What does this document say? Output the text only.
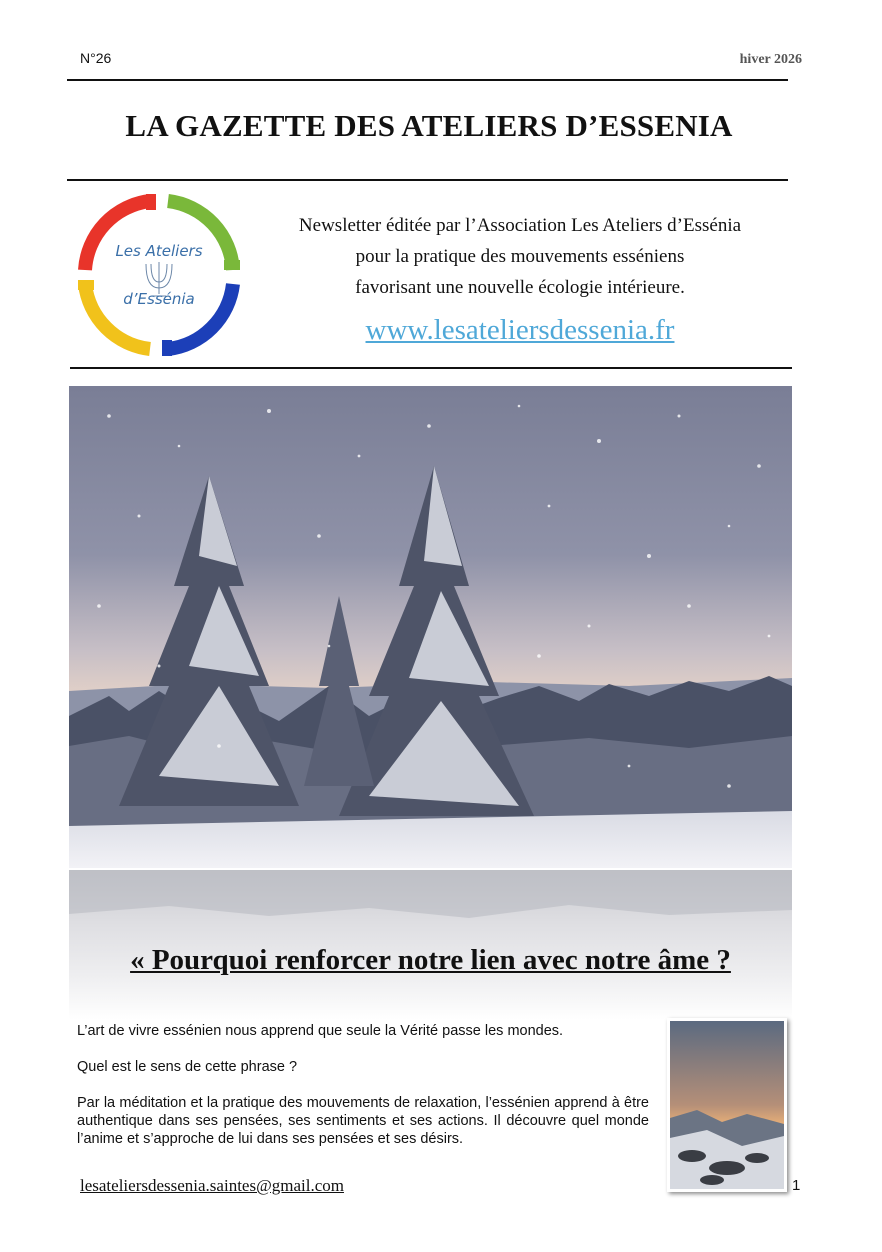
N°26	hiver 2026
LA GAZETTE DES ATELIERS D’ESSENIA
Les Ateliers
d’Essénia
Newsletter éditée par l’Association Les Ateliers d’Essénia
pour la pratique des mouvements esséniens
favorisant une nouvelle écologie intérieure.
www.lesateliersdessenia.fr
« Pourquoi renforcer notre lien avec notre âme ?

L’art de vivre essénien nous apprend que seule la Vérité passe les mondes.

Quel est le sens de cette phrase ?

Par la méditation et la pratique des mouvements de relaxation, l’essénien apprend à être authentique dans ses pensées, ses sentiments et ses actions. Il découvre quel monde l’anime et s’approche de lui dans ses pensées et ses désirs.

lesateliersdessenia.saintes@gmail.com	1
